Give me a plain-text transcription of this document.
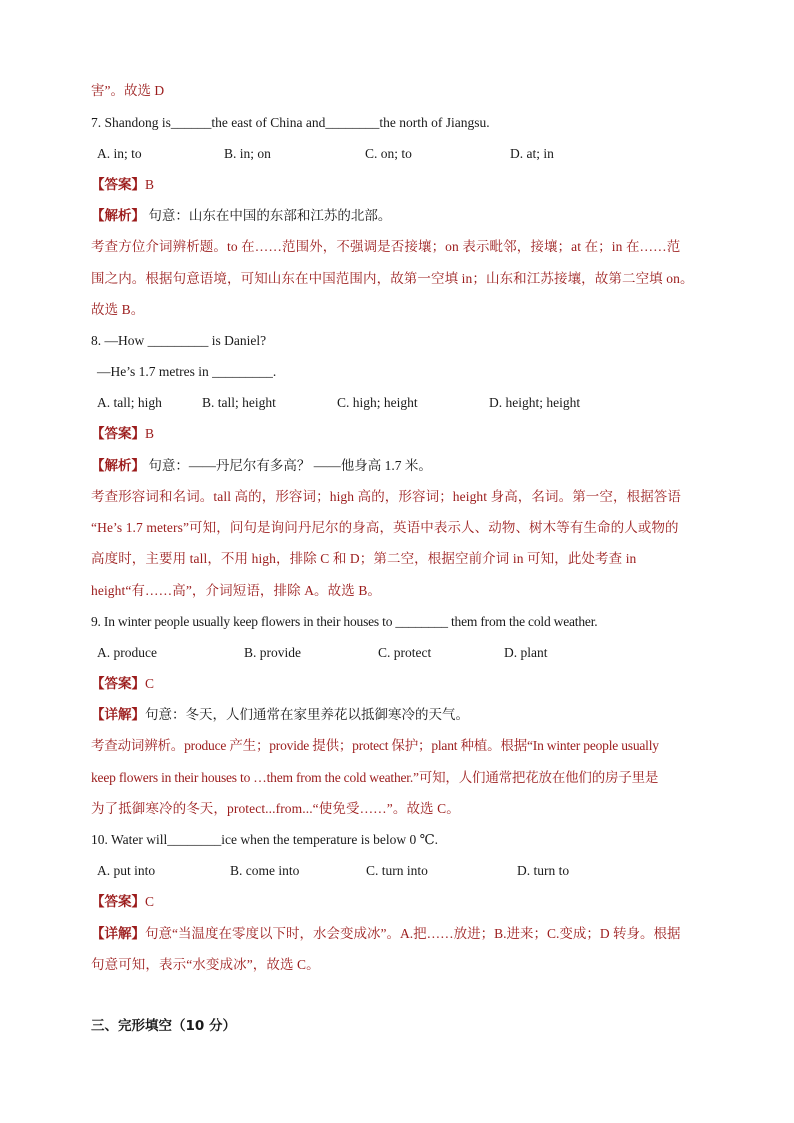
害”。故选 D
7. Shandong is______the east of China and________the north of Jiangsu.
A. in; to	B. in; on	C. on; to	D. at; in
【答案】B
【解析】 句意：山东在中国的东部和江苏的北部。
考查方位介词辨析题。to 在……范围外，不强调是否接壤；on 表示毗邻，接壤；at 在；in 在……范
围之内。根据句意语境，可知山东在中国范围内，故第一空填 in；山东和江苏接壤，故第二空填 on。
故选 B。
8. —How _________ is Daniel?
—He’s 1.7 metres in _________.
A. tall; high	B. tall; height	C. high; height	D. height; height
【答案】B
【解析】 句意：——丹尼尔有多高？ ——他身高 1.7 米。
考查形容词和名词。tall 高的，形容词；high 高的，形容词；height 身高，名词。第一空，根据答语
“He’s 1.7 meters”可知，问句是询问丹尼尔的身高，英语中表示人、动物、树木等有生命的人或物的
高度时，主要用 tall，不用 high，排除 C 和 D；第二空，根据空前介词 in 可知，此处考查 in
height“有……高”，介词短语，排除 A。故选 B。
9. In winter people usually keep flowers in their houses to ________ them from the cold weather.
A. produce	B. provide	C. protect	D. plant
【答案】C
【详解】句意：冬天，人们通常在家里养花以抵御寒冷的天气。
考查动词辨析。produce 产生；provide 提供；protect 保护；plant 种植。根据“In winter people usually
keep flowers in their houses to …them from the cold weather.”可知，人们通常把花放在他们的房子里是
为了抵御寒冷的冬天，protect...from...“使免受……”。故选 C。
10. Water will________ice when the temperature is below 0 ℃.
A. put into	B. come into	C. turn into	D. turn to
【答案】C
【详解】句意“当温度在零度以下时，水会变成冰”。A.把……放进；B.进来；C.变成；D 转身。根据
句意可知，表示“水变成冰”，故选 C。
三、完形填空（10 分）
